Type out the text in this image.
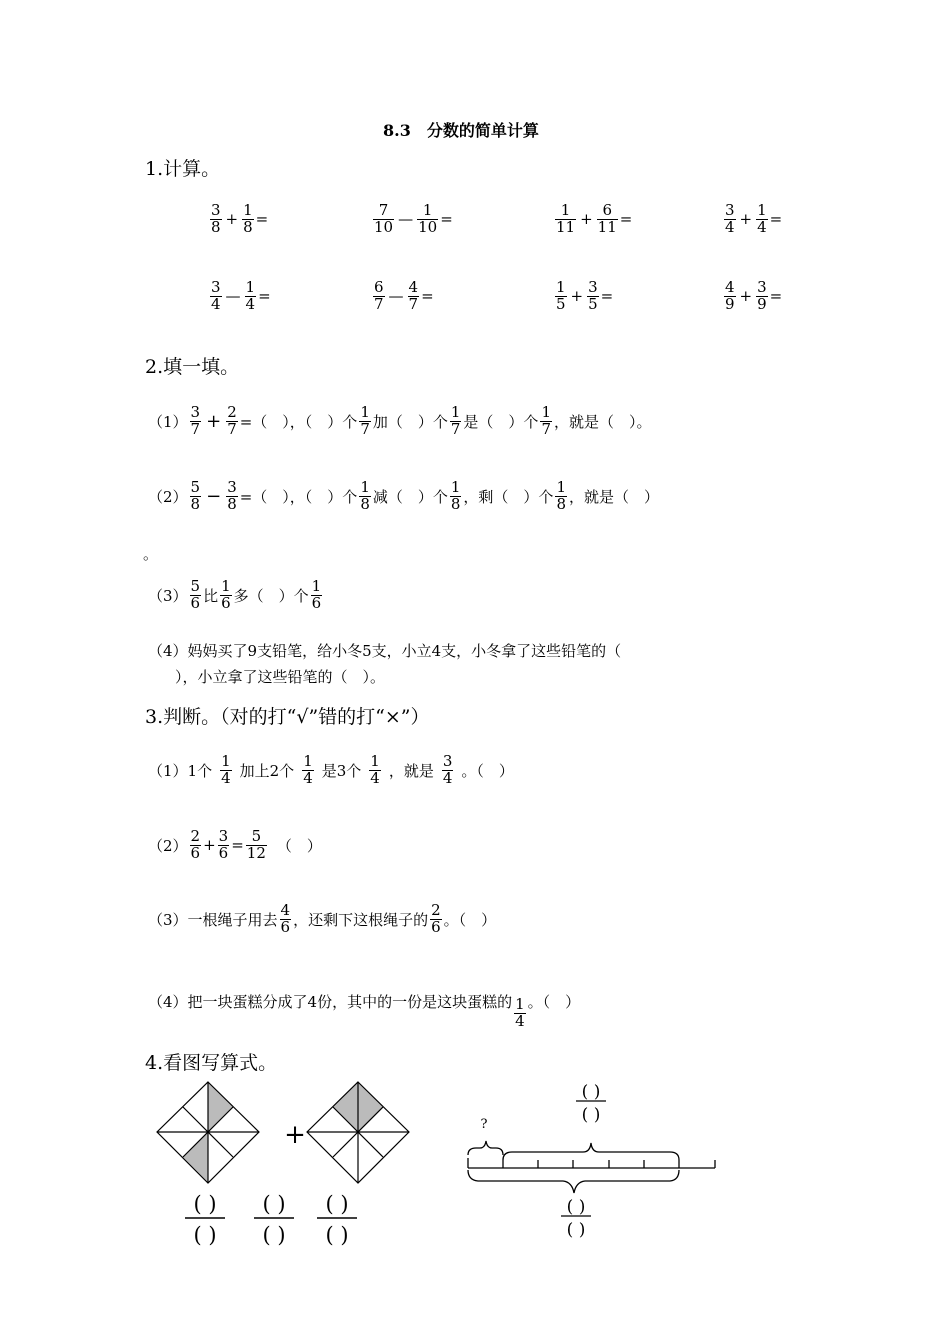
8.3　分数的简单计算
1.计算。
$\frac{3}{8} + \frac{1}{8}$ =	$\frac{7}{10}$ — $\frac{1}{10}$ =	$\frac{1}{11} + \frac{6}{11}$ =	$\frac{3}{4} + \frac{1}{4}$ =
$\frac{3}{4}$ — $\frac{1}{4}$ =	$\frac{6}{7}$ — $\frac{4}{7}$ =	$\frac{1}{5} + \frac{3}{5}$ =	$\frac{4}{9} + \frac{3}{9}$ =
2.填一填。
$(1) \frac{3}{7} + \frac{2}{7}$ =（　），（　）个 $\frac{1}{7}$ 加（　）个 $\frac{1}{7}$ 是（　）个 $\frac{1}{7}$ ，就是（　）。
$(2) \frac{5}{8} - \frac{3}{8}$ =（　），（　）个 $\frac{1}{8}$ 减（　）个 $\frac{1}{8}$ ，剩（　）个 $\frac{1}{8}$ ，就是（　）
。
$(3) \frac{5}{6}$ 比 $\frac{1}{6}$ 多（　）个 $\frac{1}{6}$
（4）妈妈买了9支铅笔，给小冬5支，小立4支，小冬拿了这些铅笔的（
），小立拿了这些铅笔的（　）。
3.判断。（对的打“√”错的打“×”）
（1）1个 $\frac{1}{4}$ 加上2个 $\frac{1}{4}$ 是3个 $\frac{1}{4}$ ，就是 $\frac{3}{4}$ 。（　）
$(2) \frac{2}{6} + \frac{3}{6} = \frac{5}{12}$ （　）
（3）一根绳子用去 $\frac{4}{6}$ ，还剩下这根绳子的 $\frac{2}{6}$ 。（　）
（4）把一块蛋糕分成了4份，其中的一份是这块蛋糕的 $\frac{1}{4}$ 。（　）
4.看图写算式。
+
( )
( )
( )
( )
( )
( )
( )
( )
?
( )
( )
